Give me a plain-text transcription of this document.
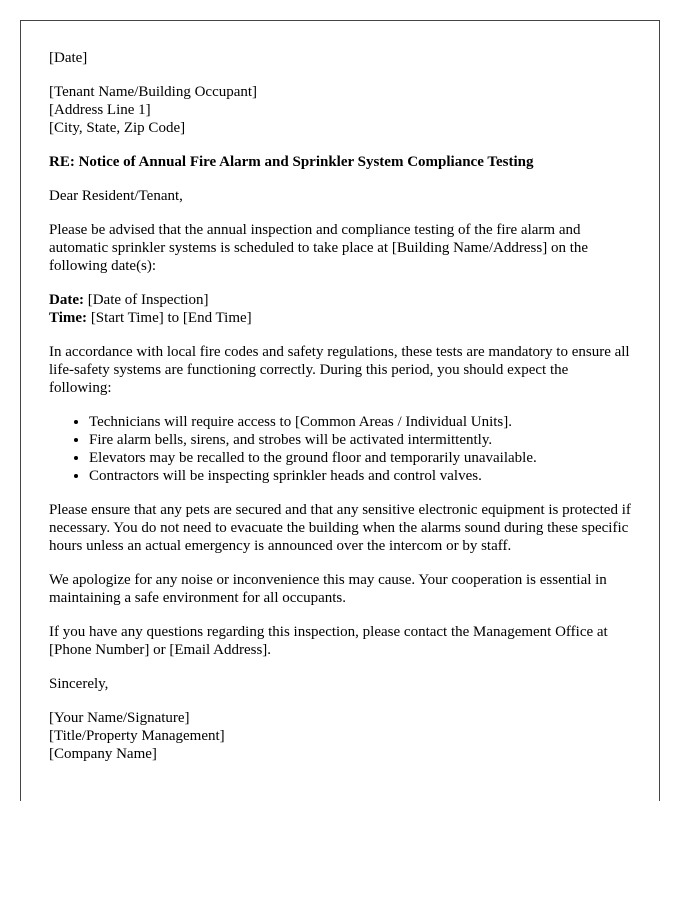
[Date]

[Tenant Name/Building Occupant]
[Address Line 1]
[City, State, Zip Code]

RE: Notice of Annual Fire Alarm and Sprinkler System Compliance Testing

Dear Resident/Tenant,

Please be advised that the annual inspection and compliance testing of the fire alarm and automatic sprinkler systems is scheduled to take place at [Building Name/Address] on the following date(s):

Date: [Date of Inspection]
Time: [Start Time] to [End Time]

In accordance with local fire codes and safety regulations, these tests are mandatory to ensure all life-safety systems are functioning correctly. During this period, you should expect the following:

• Technicians will require access to [Common Areas / Individual Units].
• Fire alarm bells, sirens, and strobes will be activated intermittently.
• Elevators may be recalled to the ground floor and temporarily unavailable.
• Contractors will be inspecting sprinkler heads and control valves.

Please ensure that any pets are secured and that any sensitive electronic equipment is protected if necessary. You do not need to evacuate the building when the alarms sound during these specific hours unless an actual emergency is announced over the intercom or by staff.

We apologize for any noise or inconvenience this may cause. Your cooperation is essential in maintaining a safe environment for all occupants.

If you have any questions regarding this inspection, please contact the Management Office at [Phone Number] or [Email Address].

Sincerely,

[Your Name/Signature]
[Title/Property Management]
[Company Name]
